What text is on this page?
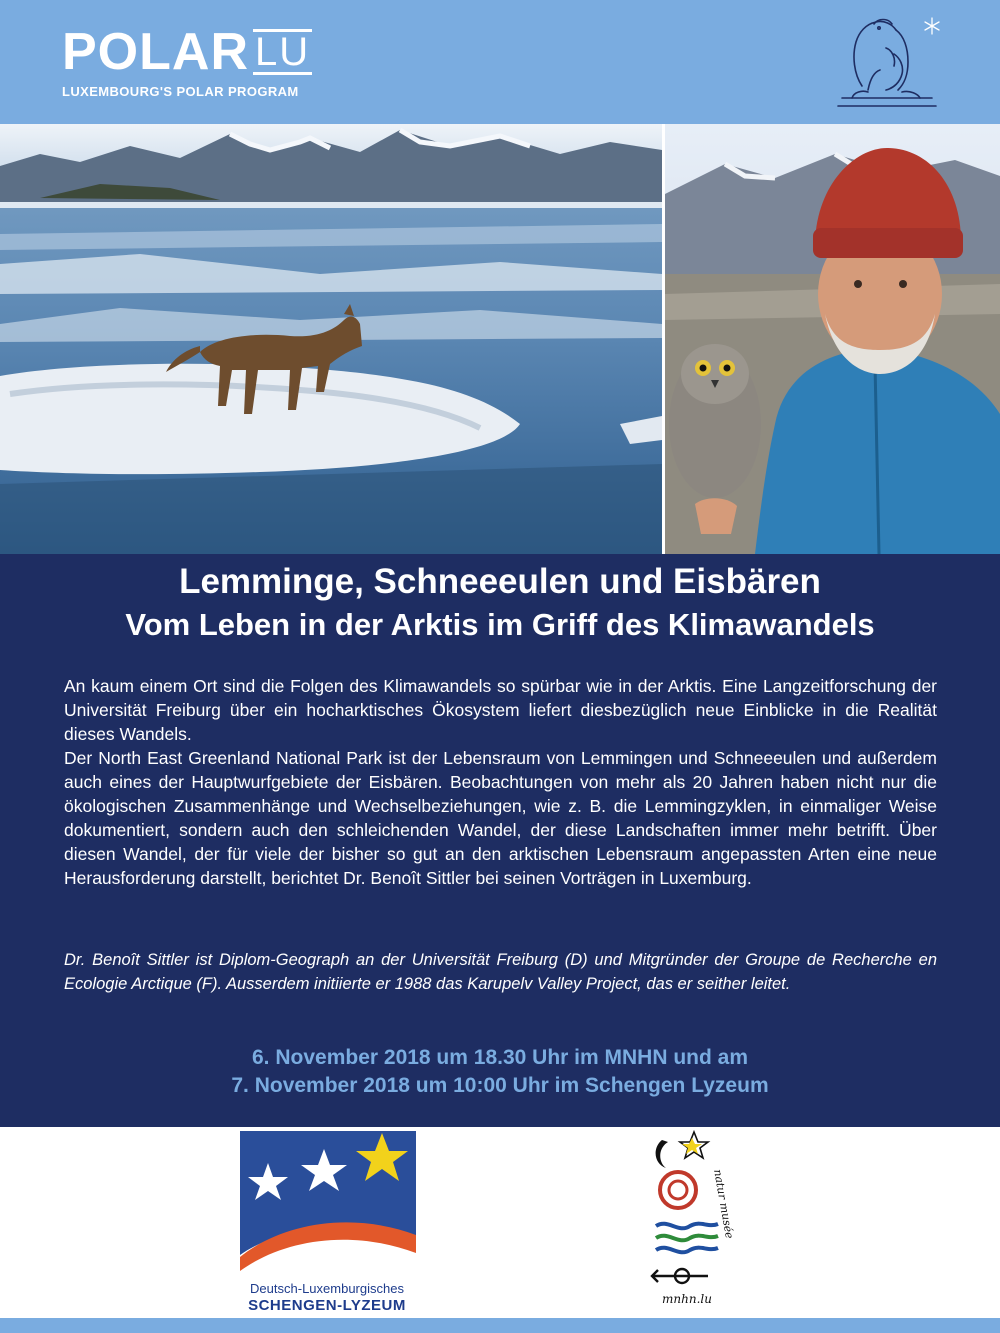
POLAR LU
LUXEMBOURG'S POLAR PROGRAM
Lemminge, Schneeeulen und Eisbären
Vom Leben in der Arktis im Griff des Klimawandels

An kaum einem Ort sind die Folgen des Klimawandels so spürbar wie in der Arktis. Eine Langzeitforschung der Universität Freiburg über ein hocharktisches Ökosystem liefert diesbezüglich neue Einblicke in die Realität dieses Wandels.

Der North East Greenland National Park ist der Lebensraum von Lemmingen und Schneeeulen und außerdem auch eines der Hauptwurfgebiete der Eisbären. Beobachtungen von mehr als 20 Jahren haben nicht nur die ökologischen Zusammenhänge und Wechselbeziehungen, wie z. B. die Lemmingzyklen, in einmaliger Weise dokumentiert, sondern auch den schleichenden Wandel, der diese Landschaften immer mehr betrifft. Über diesen Wandel, der für viele der bisher so gut an den arktischen Lebensraum angepassten Arten eine neue Herausforderung darstellt, berichtet Dr. Benoît Sittler bei seinen Vorträgen in Luxemburg.

Dr. Benoît Sittler ist Diplom-Geograph an der Universität Freiburg (D) und Mitgründer der Groupe de Recherche en Ecologie Arctique (F). Ausserdem initiierte er 1988 das Karupelv Valley Project, das er seither leitet.
6. November 2018 um 18.30 Uhr im MNHN und am
7. November 2018 um 10:00 Uhr im Schengen Lyzeum
Deutsch-Luxemburgisches
SCHENGEN-LYZEUM
natur musée
mnhn.lu
